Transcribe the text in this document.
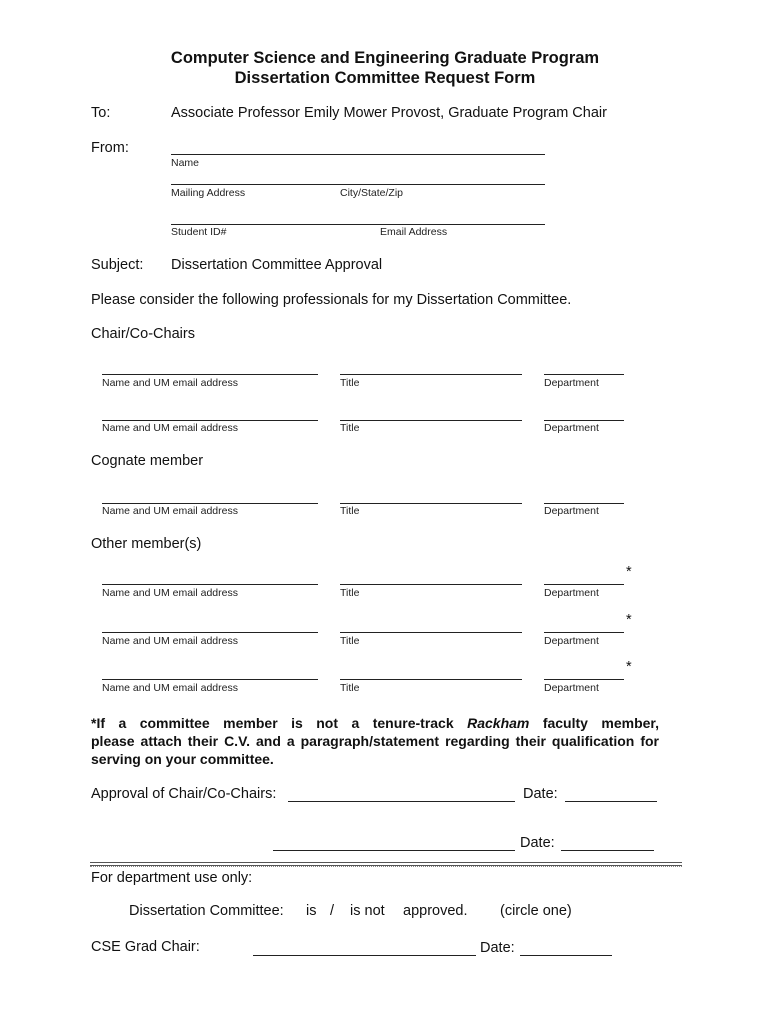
Computer Science and Engineering Graduate Program
Dissertation Committee Request Form
To:	Associate Professor Emily Mower Provost, Graduate Program Chair
From:
Name
Mailing Address	City/State/Zip
Student ID#	Email Address
Subject: Dissertation Committee Approval
Please consider the following professionals for my Dissertation Committee.
Chair/Co-Chairs
Name and UM email address	Title	Department
Name and UM email address	Title	Department
Cognate member
Name and UM email address	Title	Department
Other member(s)
*
Name and UM email address	Title	Department
*
Name and UM email address	Title	Department
*
Name and UM email address	Title	Department
*If a committee member is not a tenure-track Rackham faculty member,
please attach their C.V. and a paragraph/statement regarding their qualification for
serving on your committee.
Approval of Chair/Co-Chairs:	Date:
Date:
For department use only:
Dissertation Committee: is / is not approved. (circle one)
CSE Grad Chair:	Date:
